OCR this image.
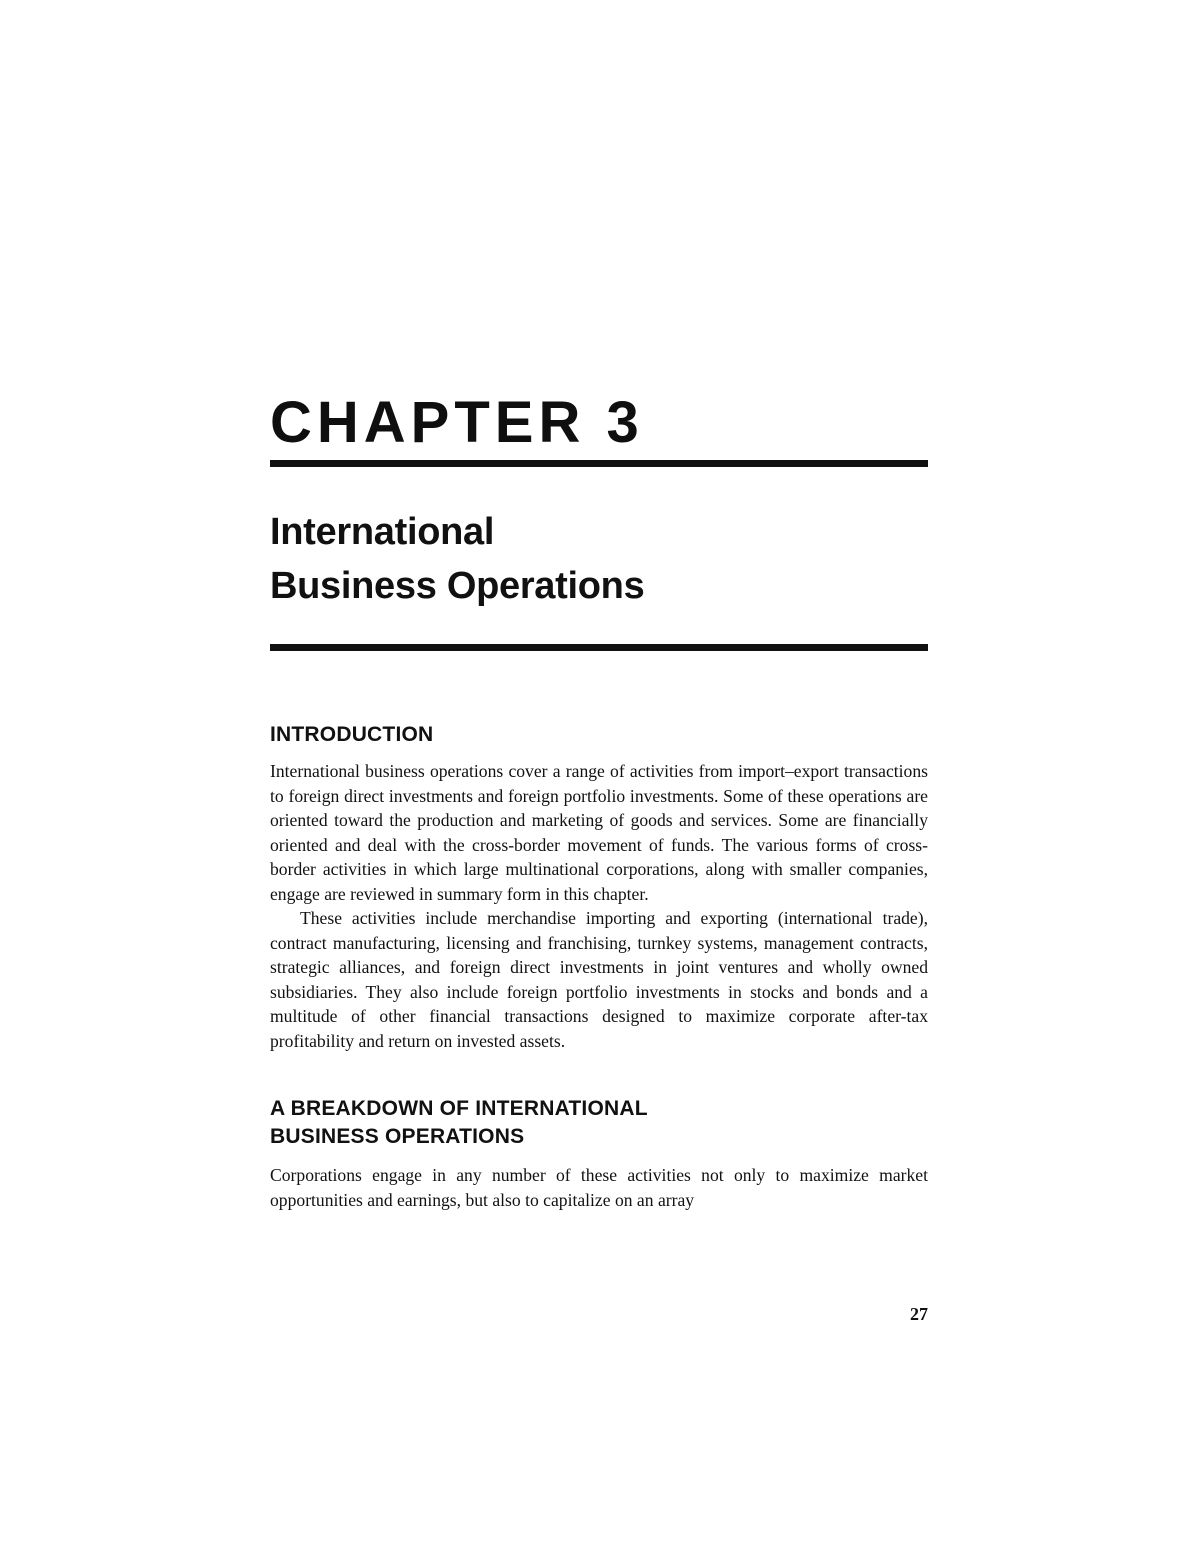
CHAPTER 3
International
Business Operations
INTRODUCTION

International business operations cover a range of activities from import–export transactions to foreign direct investments and foreign portfolio investments. Some of these operations are oriented toward the production and marketing of goods and services. Some are financially oriented and deal with the cross-border movement of funds. The various forms of cross-border activities in which large multinational corporations, along with smaller companies, engage are reviewed in summary form in this chapter.

These activities include merchandise importing and exporting (international trade), contract manufacturing, licensing and franchising, turnkey systems, management contracts, strategic alliances, and foreign direct investments in joint ventures and wholly owned subsidiaries. They also include foreign portfolio investments in stocks and bonds and a multitude of other financial transactions designed to maximize corporate after-tax profitability and return on invested assets.

A BREAKDOWN OF INTERNATIONAL
BUSINESS OPERATIONS

Corporations engage in any number of these activities not only to maximize market opportunities and earnings, but also to capitalize on an array

27
